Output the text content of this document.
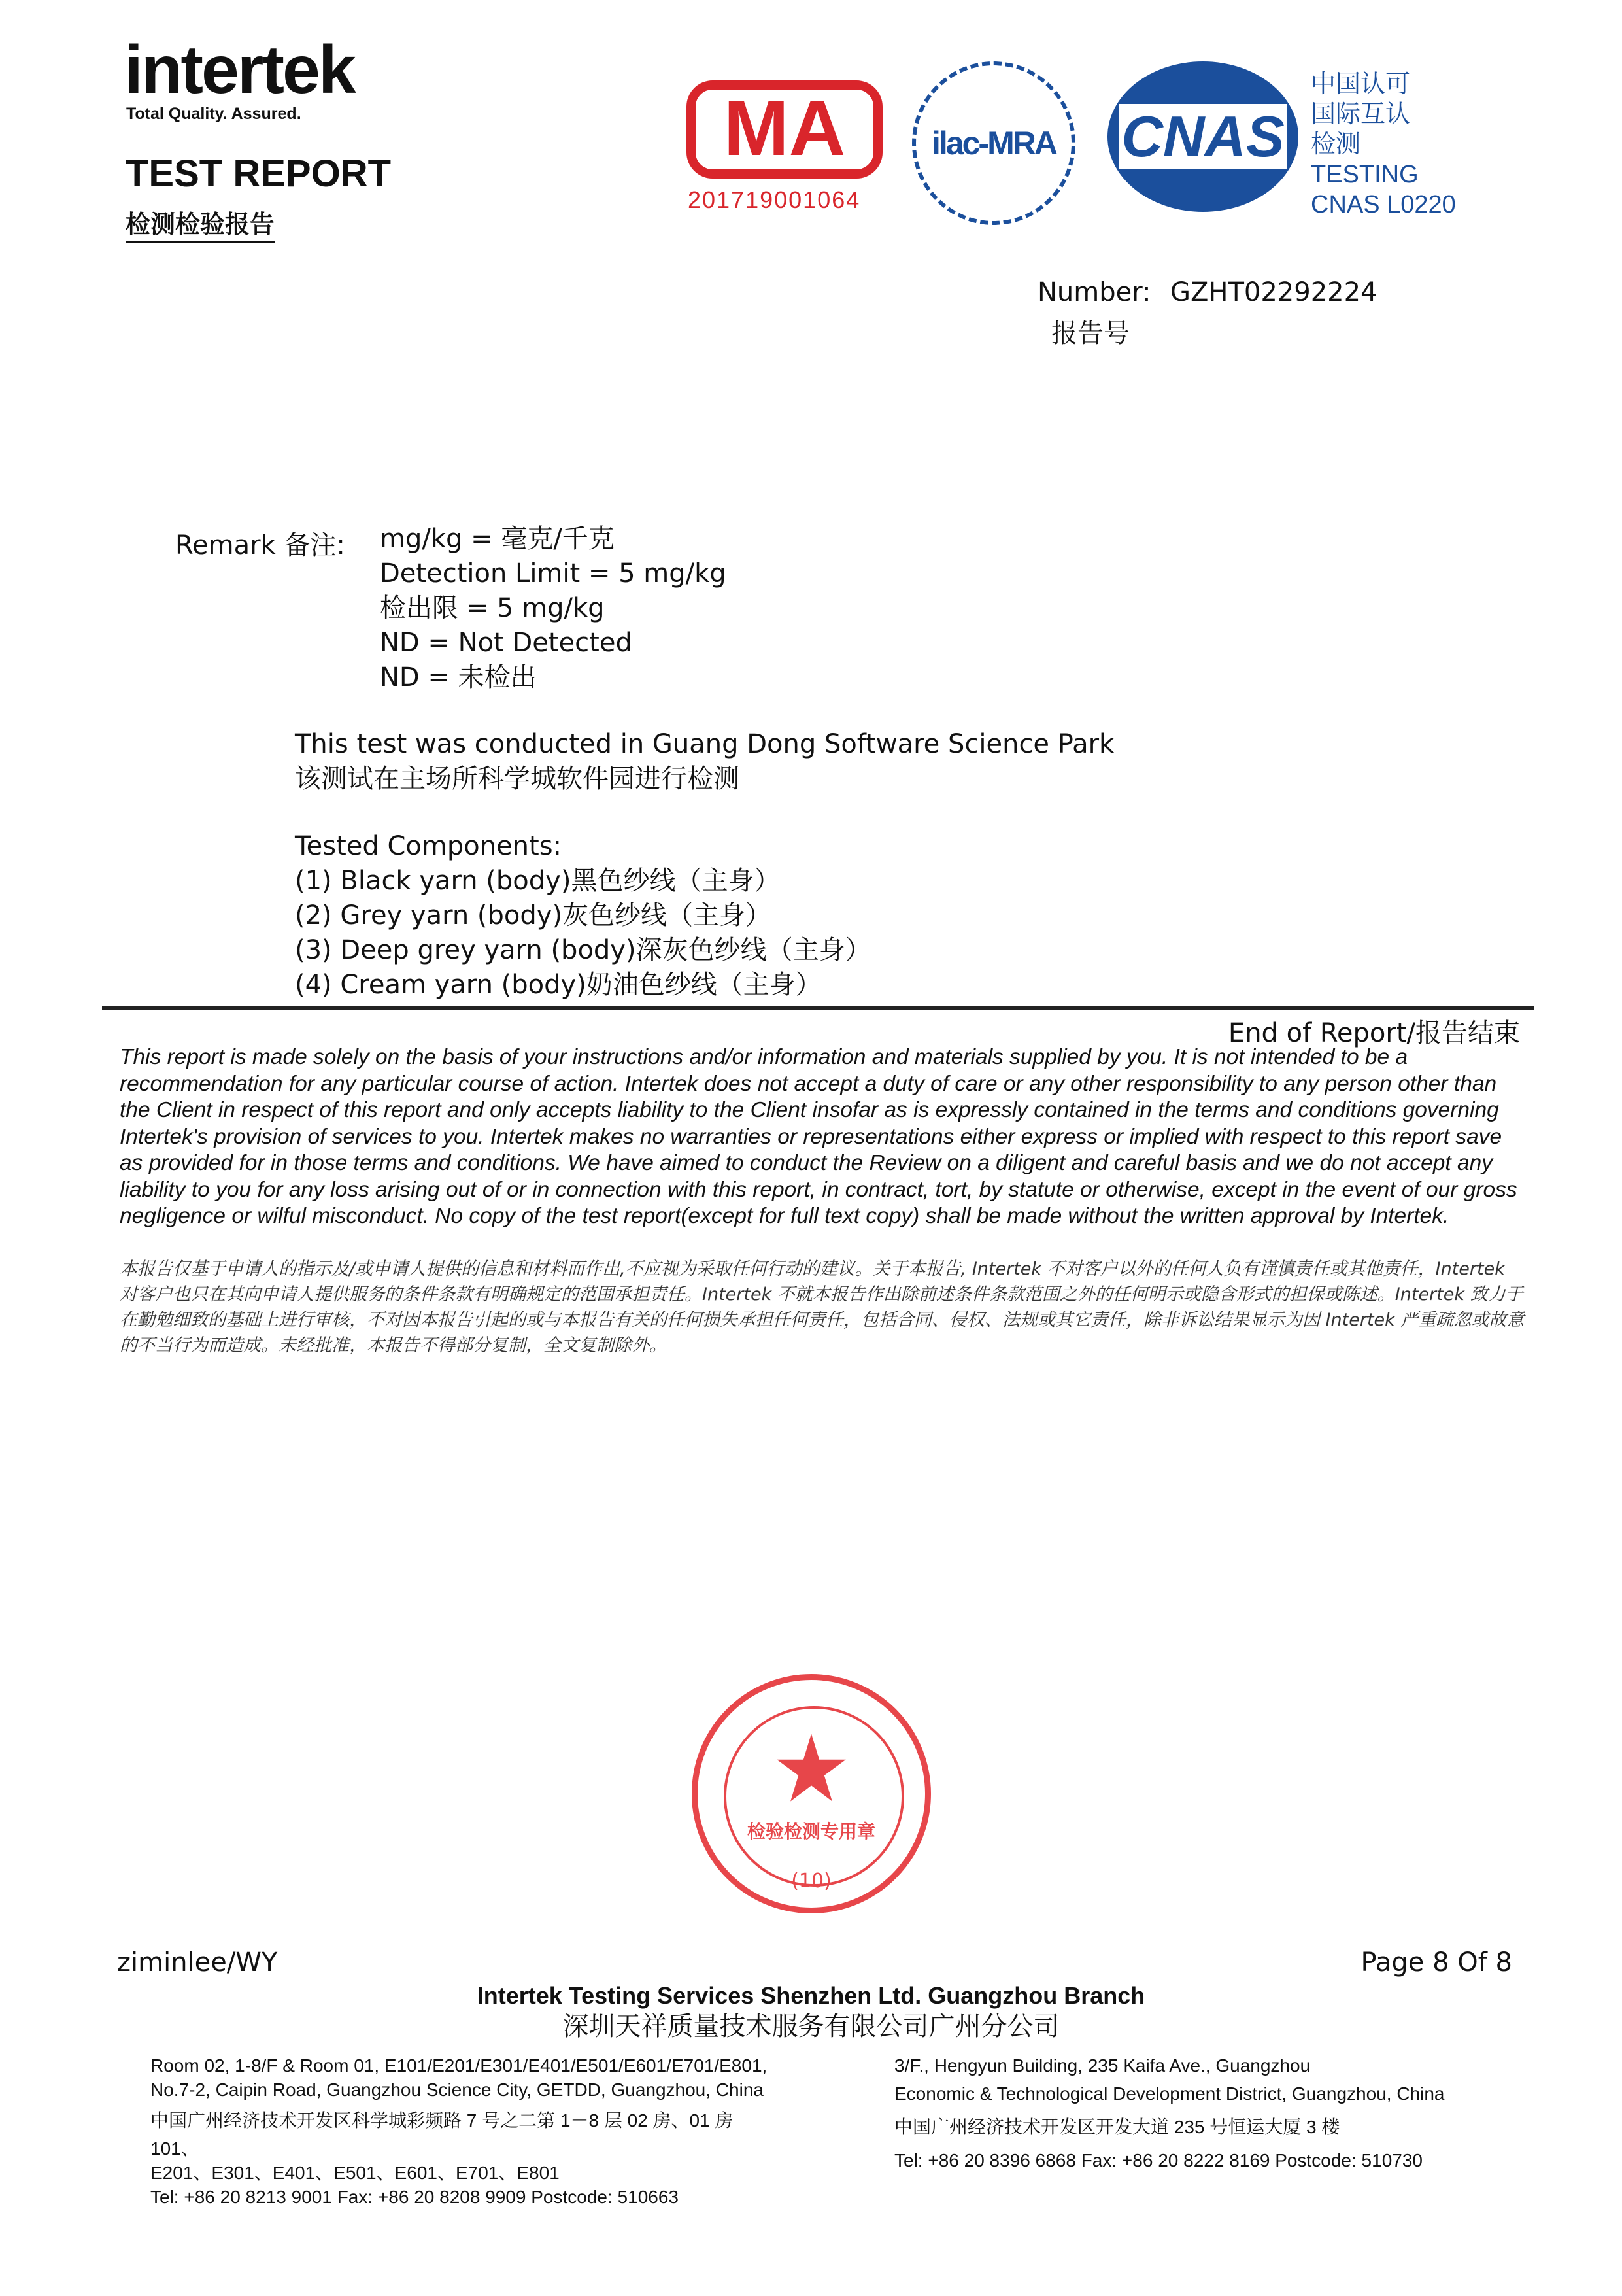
intertek
Total Quality. Assured.
TEST REPORT
检测检验报告
MA
201719001064
ilac-MRA	CNAS
中国认可
国际互认
检测
TESTING
CNAS L0220
Number: GZHT02292224
报告号
Remark 备注: mg/kg = 毫克/千克
Detection Limit = 5 mg/kg
检出限 = 5 mg/kg
ND = Not Detected
ND = 未检出
This test was conducted in Guang Dong Software Science Park
该测试在主场所科学城软件园进行检测
Tested Components:
(1) Black yarn (body)黑色纱线（主身）
(2) Grey yarn (body)灰色纱线（主身）
(3) Deep grey yarn (body)深灰色纱线（主身）
(4) Cream yarn (body)奶油色纱线（主身）
End of Report/报告结束
This report is made solely on the basis of your instructions and/or information and materials supplied by you. It is not intended to be a recommendation for any particular course of action. Intertek does not accept a duty of care or any other responsibility to any person other than the Client in respect of this report and only accepts liability to the Client insofar as is expressly contained in the terms and conditions governing Intertek's provision of services to you. Intertek makes no warranties or representations either express or implied with respect to this report save as provided for in those terms and conditions. We have aimed to conduct the Review on a diligent and careful basis and we do not accept any liability to you for any loss arising out of or in connection with this report, in contract, tort, by statute or otherwise, except in the event of our gross negligence or wilful misconduct. No copy of the test report(except for full text copy) shall be made without the written approval by Intertek.
本报告仅基于申请人的指示及/或申请人提供的信息和材料而作出,不应视为采取任何行动的建议。关于本报告, Intertek 不对客户以外的任何人负有谨慎责任或其他责任，Intertek 对客户也只在其向申请人提供服务的条件条款有明确规定的范围承担责任。Intertek 不就本报告作出除前述条件条款范围之外的任何明示或隐含形式的担保或陈述。Intertek 致力于在勤勉细致的基础上进行审核，不对因本报告引起的或与本报告有关的任何损失承担任何责任，包括合同、侵权、法规或其它责任，除非诉讼结果显示为因 Intertek 严重疏忽或故意的不当行为而造成。未经批准，本报告不得部分复制，全文复制除外。
检验检测专用章
(10)
ziminlee/WY	Page 8 Of 8
Intertek Testing Services Shenzhen Ltd. Guangzhou Branch
深圳天祥质量技术服务有限公司广州分公司
Room 02, 1-8/F & Room 01, E101/E201/E301/E401/E501/E601/E701/E801,
No.7-2, Caipin Road, Guangzhou Science City, GETDD, Guangzhou, China
中国广州经济技术开发区科学城彩频路 7 号之二第 1－8 层 02 房、01 房
101、
E201、E301、E401、E501、E601、E701、E801
Tel: +86 20 8213 9001 Fax: +86 20 8208 9909 Postcode: 510663
3/F., Hengyun Building, 235 Kaifa Ave., Guangzhou
Economic & Technological Development District, Guangzhou, China
中国广州经济技术开发区开发大道 235 号恒运大厦 3 楼
Tel: +86 20 8396 6868 Fax: +86 20 8222 8169 Postcode: 510730
